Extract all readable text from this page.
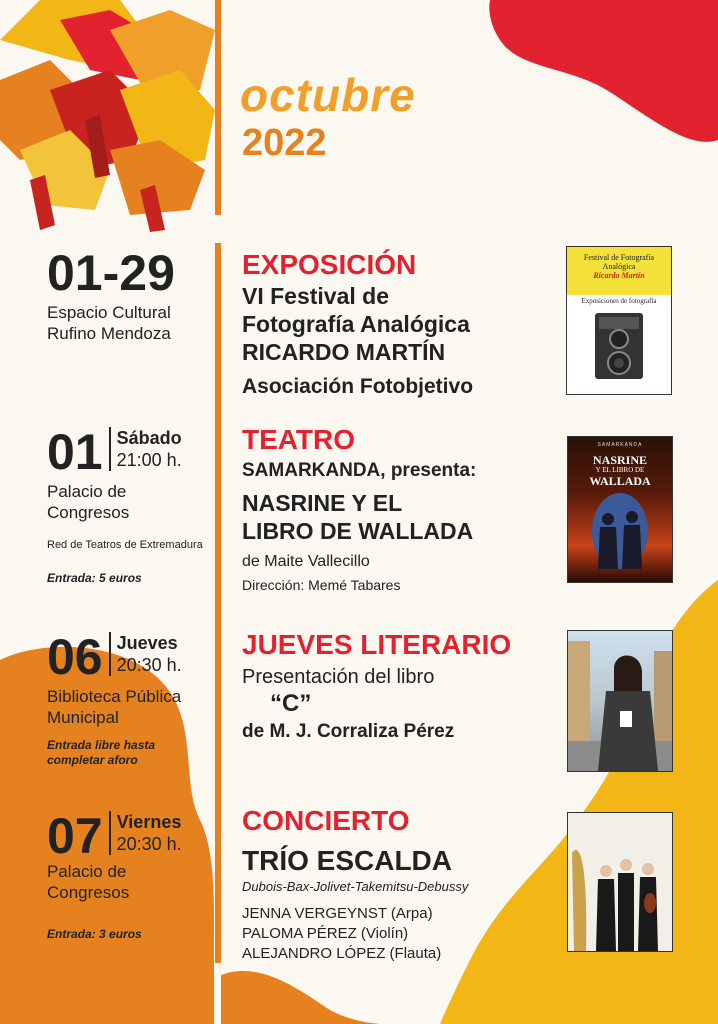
octubre
2022
01-29
Espacio Cultural
Rufino Mendoza
EXPOSICIÓN
VI Festival de
Fotografía Analógica
RICARDO MARTÍN
Asociación Fotobjetivo
Festival de Fotografía Analógica
Ricardo Martín
Exposiciones de fotografía
01 Sábado
21:00 h.
Palacio de
Congresos
Red de Teatros de Extremadura
Entrada: 5 euros
TEATRO
SAMARKANDA, presenta:
NASRINE Y EL
LIBRO DE WALLADA
de Maite Vallecillo
Dirección: Memé Tabares
SAMARKANDA
NASRINE
Y EL LIBRO DE
WALLADA
06 Jueves
20:30 h.
Biblioteca Pública
Municipal
Entrada libre hasta
completar aforo
JUEVES LITERARIO
Presentación del libro
“C”
de M. J. Corraliza Pérez
07 Viernes
20:30 h.
Palacio de
Congresos
Entrada: 3 euros
CONCIERTO
TRÍO ESCALDA
Dubois-Bax-Jolivet-Takemitsu-Debussy
JENNA VERGEYNST (Arpa)
PALOMA PÉREZ (Violín)
ALEJANDRO LÓPEZ (Flauta)
